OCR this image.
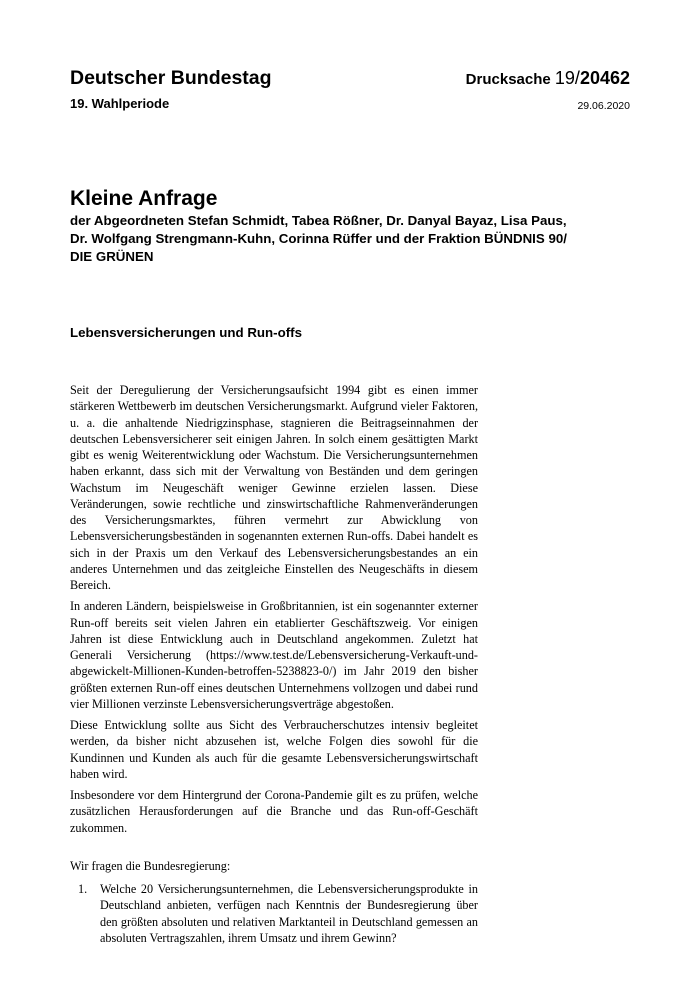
Deutscher Bundestag
19. Wahlperiode
Drucksache 19/20462
29.06.2020
Kleine Anfrage
der Abgeordneten Stefan Schmidt, Tabea Rößner, Dr. Danyal Bayaz, Lisa Paus,
Dr. Wolfgang Strengmann-Kuhn, Corinna Rüffer und der Fraktion BÜNDNIS 90/
DIE GRÜNEN
Lebensversicherungen und Run-offs

Seit der Deregulierung der Versicherungsaufsicht 1994 gibt es einen immer stärkeren Wettbewerb im deutschen Versicherungsmarkt. Aufgrund vieler Faktoren, u. a. die anhaltende Niedrigzinsphase, stagnieren die Beitragseinnahmen der deutschen Lebensversicherer seit einigen Jahren. In solch einem gesättigten Markt gibt es wenig Weiterentwicklung oder Wachstum. Die Versicherungsunternehmen haben erkannt, dass sich mit der Verwaltung von Beständen und dem geringen Wachstum im Neugeschäft weniger Gewinne erzielen lassen. Diese Veränderungen, sowie rechtliche und zinswirtschaftliche Rahmenveränderungen des Versicherungsmarktes, führen vermehrt zur Abwicklung von Lebensversicherungsbeständen in sogenannten externen Run-offs. Dabei handelt es sich in der Praxis um den Verkauf des Lebensversicherungsbestandes an ein anderes Unternehmen und das zeitgleiche Einstellen des Neugeschäfts in diesem Bereich.

In anderen Ländern, beispielsweise in Großbritannien, ist ein sogenannter externer Run-off bereits seit vielen Jahren ein etablierter Geschäftszweig. Vor einigen Jahren ist diese Entwicklung auch in Deutschland angekommen. Zuletzt hat Generali Versicherung (https://www.test.de/Lebensversicherung-Verkauft-und-abgewickelt-Millionen-Kunden-betroffen-5238823-0/) im Jahr 2019 den bisher größten externen Run-off eines deutschen Unternehmens vollzogen und dabei rund vier Millionen verzinste Lebensversicherungsverträge abgestoßen.

Diese Entwicklung sollte aus Sicht des Verbraucherschutzes intensiv begleitet werden, da bisher nicht abzusehen ist, welche Folgen dies sowohl für die Kundinnen und Kunden als auch für die gesamte Lebensversicherungswirtschaft haben wird.

Insbesondere vor dem Hintergrund der Corona-Pandemie gilt es zu prüfen, welche zusätzlichen Herausforderungen auf die Branche und das Run-off-Geschäft zukommen.

Wir fragen die Bundesregierung:

1.	Welche 20 Versicherungsunternehmen, die Lebensversicherungsprodukte in Deutschland anbieten, verfügen nach Kenntnis der Bundesregierung über den größten absoluten und relativen Marktanteil in Deutschland gemessen an absoluten Vertragszahlen, ihrem Umsatz und ihrem Gewinn?
